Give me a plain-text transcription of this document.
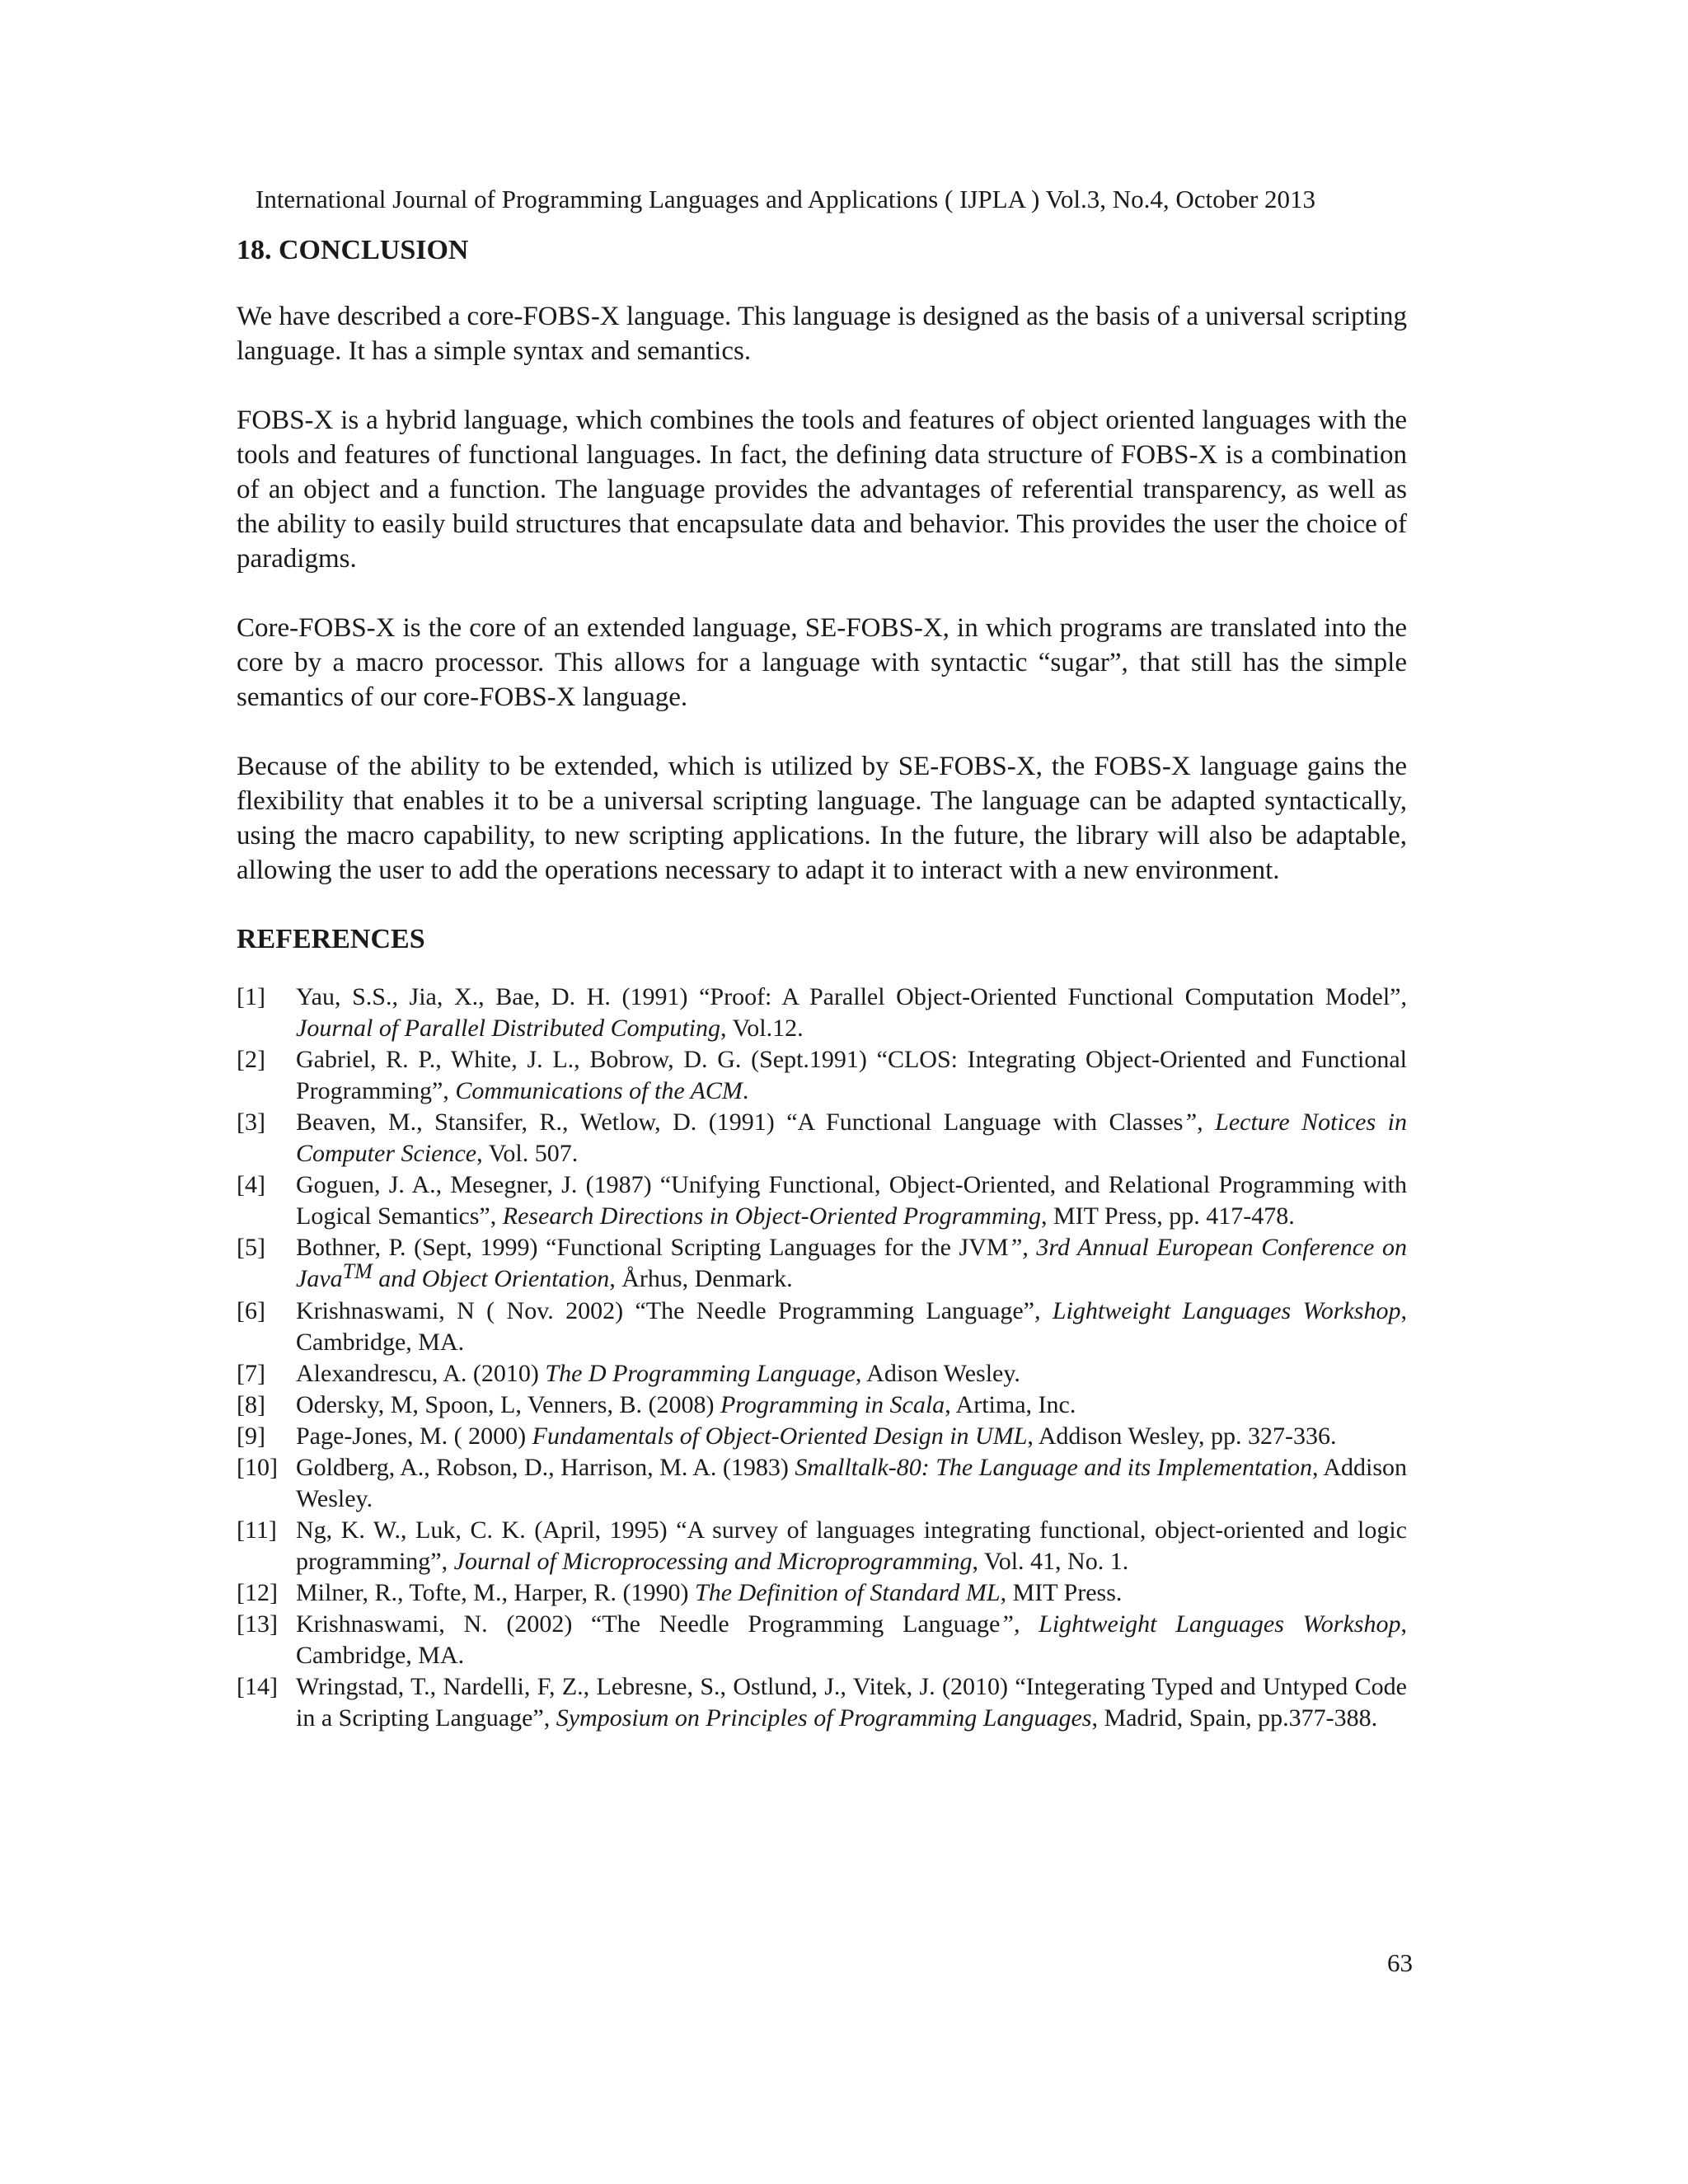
International Journal of Programming Languages and Applications ( IJPLA ) Vol.3, No.4, October 2013
18. CONCLUSION

We have described a core-FOBS-X language. This language is designed as the basis of a universal scripting language. It has a simple syntax and semantics.

FOBS-X is a hybrid language, which combines the tools and features of object oriented languages with the tools and features of functional languages. In fact, the defining data structure of FOBS-X is a combination of an object and a function. The language provides the advantages of referential transparency, as well as the ability to easily build structures that encapsulate data and behavior. This provides the user the choice of paradigms.

Core-FOBS-X is the core of an extended language, SE-FOBS-X, in which programs are translated into the core by a macro processor. This allows for a language with syntactic “sugar”, that still has the simple semantics of our core-FOBS-X language.

Because of the ability to be extended, which is utilized by SE-FOBS-X, the FOBS-X language gains the flexibility that enables it to be a universal scripting language. The language can be adapted syntactically, using the macro capability, to new scripting applications. In the future, the library will also be adaptable, allowing the user to add the operations necessary to adapt it to interact with a new environment.

REFERENCES
[1]	Yau, S.S., Jia, X., Bae, D. H. (1991) “Proof: A Parallel Object-Oriented Functional Computation Model”, Journal of Parallel Distributed Computing, Vol.12.
[2]	Gabriel, R. P., White, J. L., Bobrow, D. G. (Sept.1991) “CLOS: Integrating Object-Oriented and Functional Programming”, Communications of the ACM.
[3]	Beaven, M., Stansifer, R., Wetlow, D. (1991) “A Functional Language with Classes”, Lecture Notices in Computer Science, Vol. 507.
[4]	Goguen, J. A., Mesegner, J. (1987) “Unifying Functional, Object-Oriented, and Relational Programming with Logical Semantics”, Research Directions in Object-Oriented Programming, MIT Press, pp. 417-478.
[5]	Bothner, P. (Sept, 1999) “Functional Scripting Languages for the JVM”, 3rd Annual European Conference on Java™ and Object Orientation, Århus, Denmark.
[6]	Krishnaswami, N ( Nov. 2002) “The Needle Programming Language”, Lightweight Languages Workshop, Cambridge, MA.
[7]	Alexandrescu, A. (2010) The D Programming Language, Adison Wesley.
[8]	Odersky, M, Spoon, L, Venners, B. (2008) Programming in Scala, Artima, Inc.
[9]	Page-Jones, M. ( 2000) Fundamentals of Object-Oriented Design in UML, Addison Wesley, pp. 327-336.
[10] Goldberg, A., Robson, D., Harrison, M. A. (1983) Smalltalk-80: The Language and its Implementation, Addison Wesley.
[11] Ng, K. W., Luk, C. K. (April, 1995) “A survey of languages integrating functional, object-oriented and logic programming”, Journal of Microprocessing and Microprogramming, Vol. 41, No. 1.
[12] Milner, R., Tofte, M., Harper, R. (1990) The Definition of Standard ML, MIT Press.
[13] Krishnaswami, N. (2002) “The Needle Programming Language”, Lightweight Languages Workshop, Cambridge, MA.
[14] Wringstad, T., Nardelli, F, Z., Lebresne, S., Ostlund, J., Vitek, J. (2010) “Integerating Typed and Untyped Code in a Scripting Language”, Symposium on Principles of Programming Languages, Madrid, Spain, pp.377-388.
63
